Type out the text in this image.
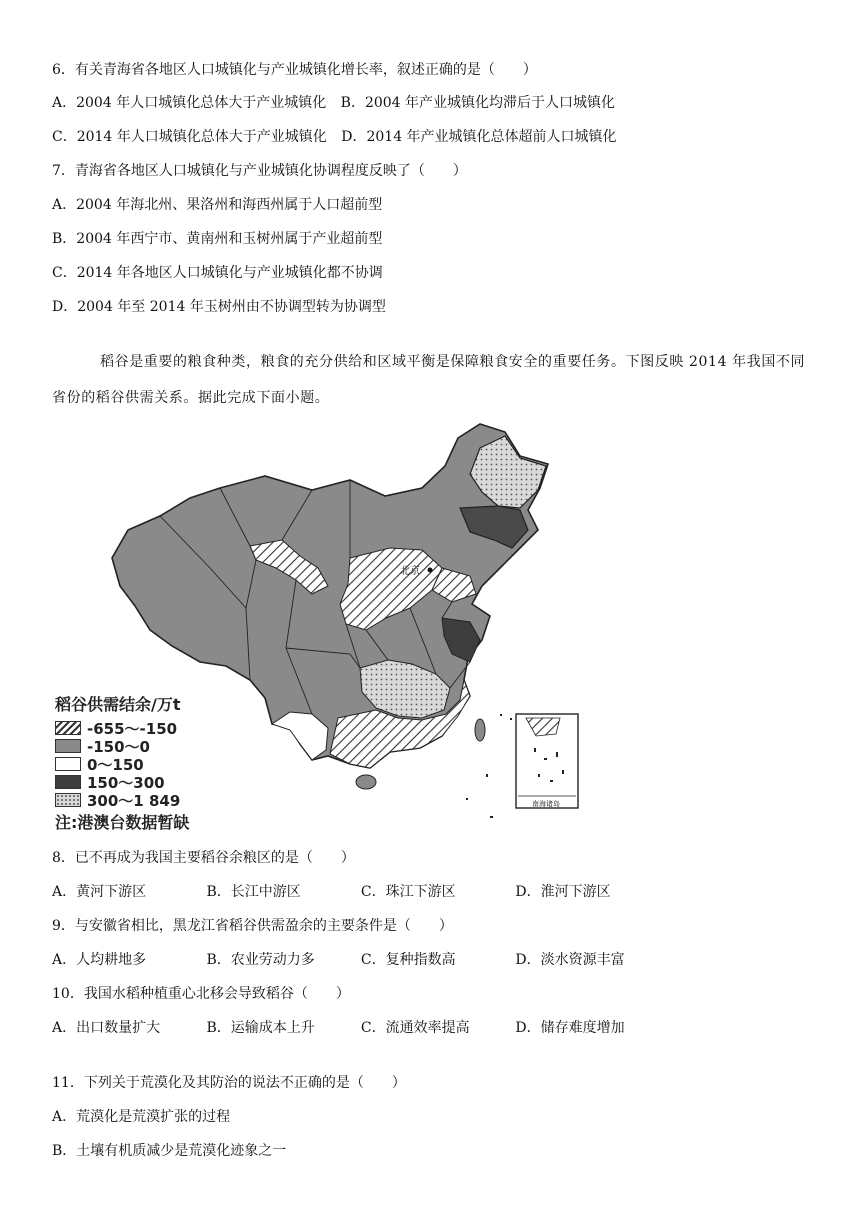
6．有关青海省各地区人口城镇化与产业城镇化增长率，叙述正确的是（　　）
A．2004 年人口城镇化总体大于产业城镇化 B．2004 年产业城镇化均滞后于人口城镇化
C．2014 年人口城镇化总体大于产业城镇化 D．2014 年产业城镇化总体超前人口城镇化
7．青海省各地区人口城镇化与产业城镇化协调程度反映了（　　）
A．2004 年海北州、果洛州和海西州属于人口超前型
B．2004 年西宁市、黄南州和玉树州属于产业超前型
C．2014 年各地区人口城镇化与产业城镇化都不协调
D．2004 年至 2014 年玉树州由不协调型转为协调型
稻谷是重要的粮食种类，粮食的充分供给和区域平衡是保障粮食安全的重要任务。下图反映 2014 年我国不同省份的稻谷供需关系。据此完成下面小题。
北京
南海诸岛
稻谷供需结余/万t
-655～-150
-150～0
0～150
150～300
300～1 849
注:港澳台数据暂缺
8．已不再成为我国主要稻谷余粮区的是（　　）
A．黄河下游区	B．长江中游区	C．珠江下游区	D．淮河下游区
9．与安徽省相比，黑龙江省稻谷供需盈余的主要条件是（　　）
A．人均耕地多	B．农业劳动力多	C．复种指数高	D．淡水资源丰富
10．我国水稻种植重心北移会导致稻谷（　　）
A．出口数量扩大	B．运输成本上升	C．流通效率提高	D．储存难度增加
11．下列关于荒漠化及其防治的说法不正确的是（　　）
A．荒漠化是荒漠扩张的过程
B．土壤有机质减少是荒漠化迹象之一
